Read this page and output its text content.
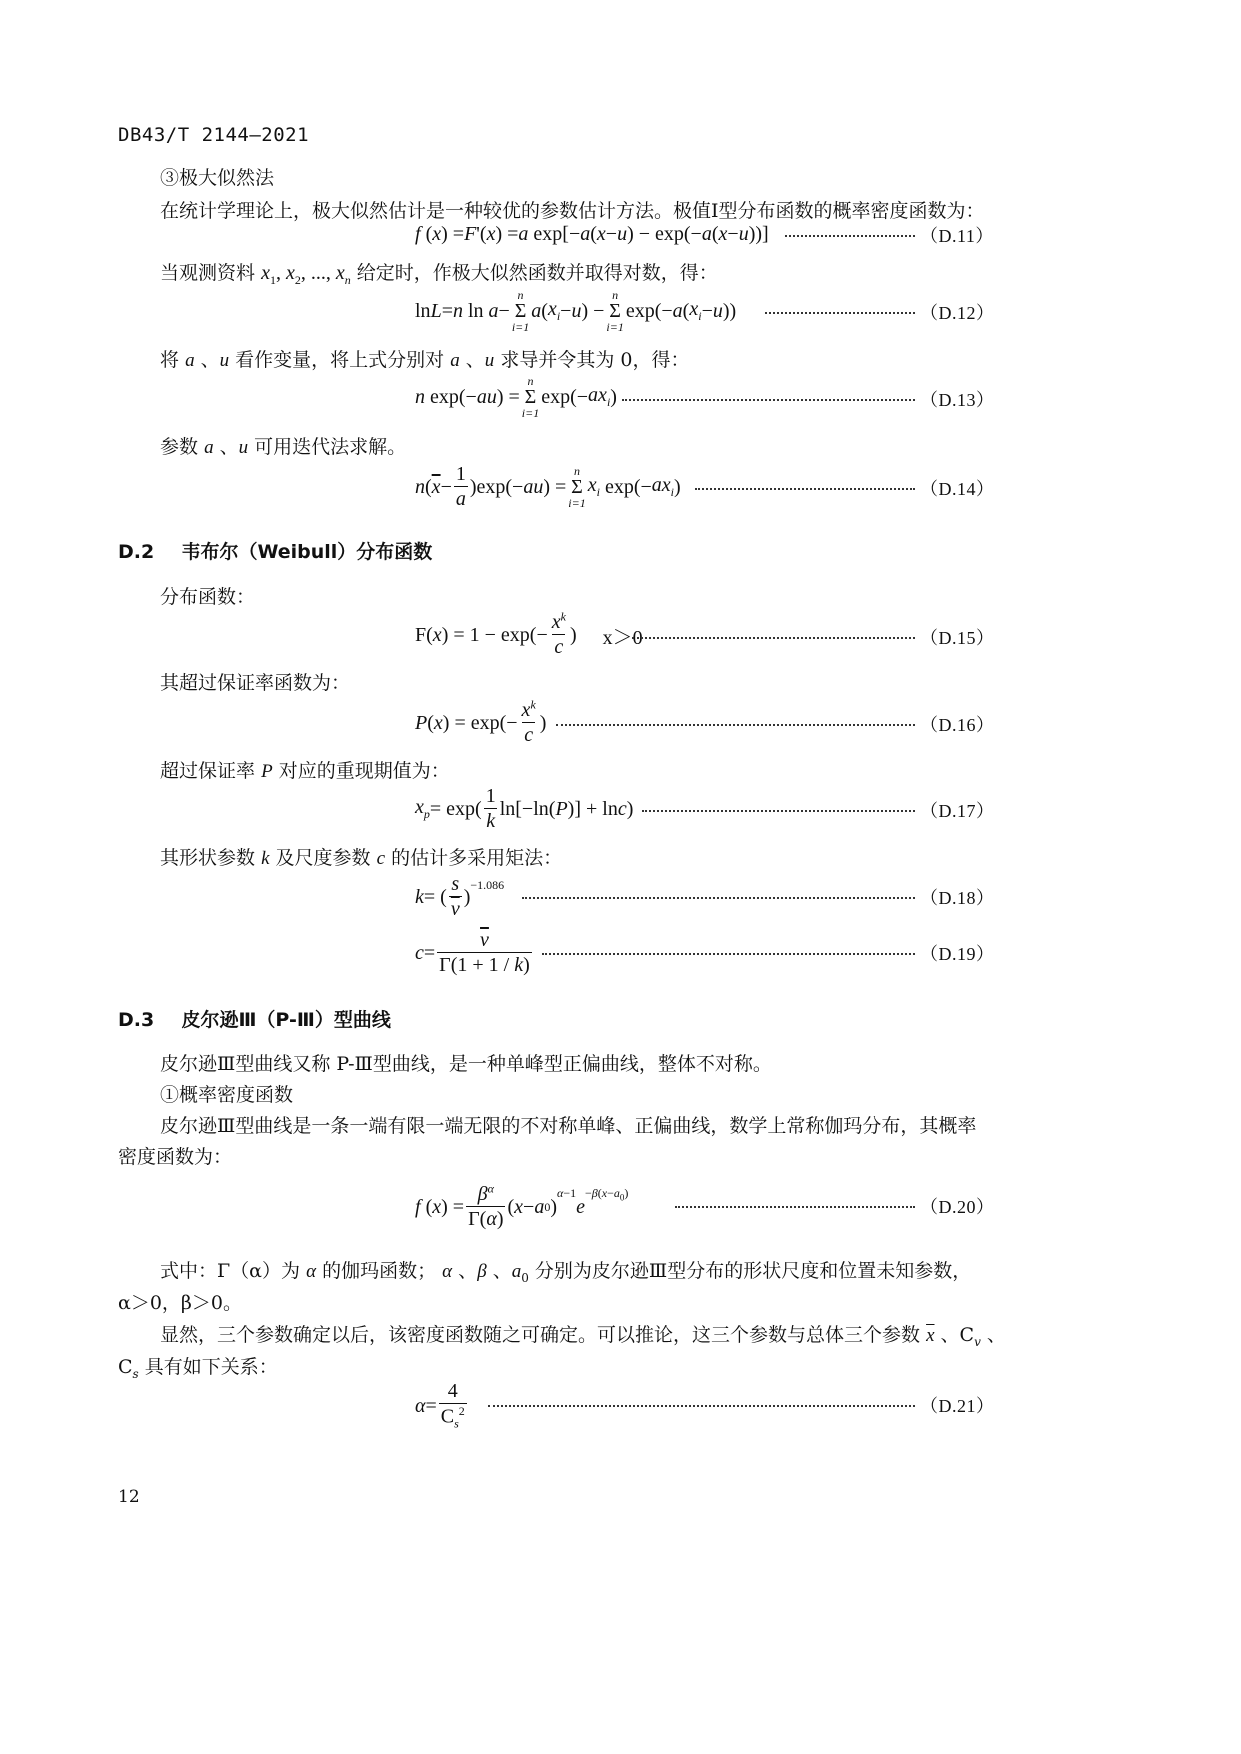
DB43/T 2144—2021
③极大似然法
在统计学理论上，极大似然估计是一种较优的参数估计方法。极值Ⅰ型分布函数的概率密度函数为：
f ( x ) = F '( x ) = a exp[− a ( x − u ) − exp(− a ( x − u ))]	（D.11）
当观测资料 $x_1$, $x_2$, ..., $x_n$ 给定时，作极大似然函数并取得对数，得：
ln L = n ln a −
n
Σ
i=1
a ( $x_i - u$ ) −
n
Σ
i=1
exp(− a ( $x_i - u$ ))	（D.12）
将 a 、u 看作变量，将上式分别对 a 、u 求导并令其为 0，得：
n exp(− au ) =
n
Σ
i=1
$\exp(- ax_i$ )	（D.13）
参数 a 、u 可用迭代法求解。
n ( $\overline{x} - \frac{1}{a} )\exp(-$ au ) =
n
Σ
i=1
$x_i$ $\exp(- ax_i$ )	（D.14）
D.2 韦布尔（Weibull）分布函数
分布函数：
F( x ) = $1 - \exp(- \frac{x^k}{c}$ ) x＞0	（D.15）
其超过保证率函数为：
P ( x ) = $\exp(- \frac{x^k}{c}$ )	（D.16）
超过保证率 P 对应的重现期值为：
$x_p = \exp( \frac{1}{k} \ln[-\ln$( P )] + ln c )	（D.17）
其形状参数 k 及尺度参数 c 的估计多采用矩法：
k = ( $\frac{s}{v}$ )
$^{-1.086}$
（D.18）
$c = \frac{\overline{v}}{\Gamma(1 + 1 / k)}$	（D.19）
D.3 皮尔逊Ⅲ（P-Ⅲ）型曲线
皮尔逊Ⅲ型曲线又称 P-Ⅲ型曲线，是一种单峰型正偏曲线，整体不对称。
①概率密度函数
皮尔逊Ⅲ型曲线是一条一端有限一端无限的不对称单峰、正偏曲线，数学上常称伽玛分布，其概率
密度函数为：
f ( x ) = $\frac{\beta^\alpha}{\Gamma(\alpha)}$ ( x − a 0 )
$^{\alpha-1}$
e
$^{-\beta(x-a_0)}$
（D.20）
式中：Γ（α）为 α 的伽玛函数； α 、β 、$a_0$ 分别为皮尔逊Ⅲ型分布的形状尺度和位置未知参数，
α＞0，β＞0。
显然，三个参数确定以后，该密度函数随之可确定。可以推论，这三个参数与总体三个参数 $\overline{x}$ 、$C_v$ 、
$C_s$ 具有如下关系：
$\alpha = \frac{4}{C_s^2}$	（D.21）
12
